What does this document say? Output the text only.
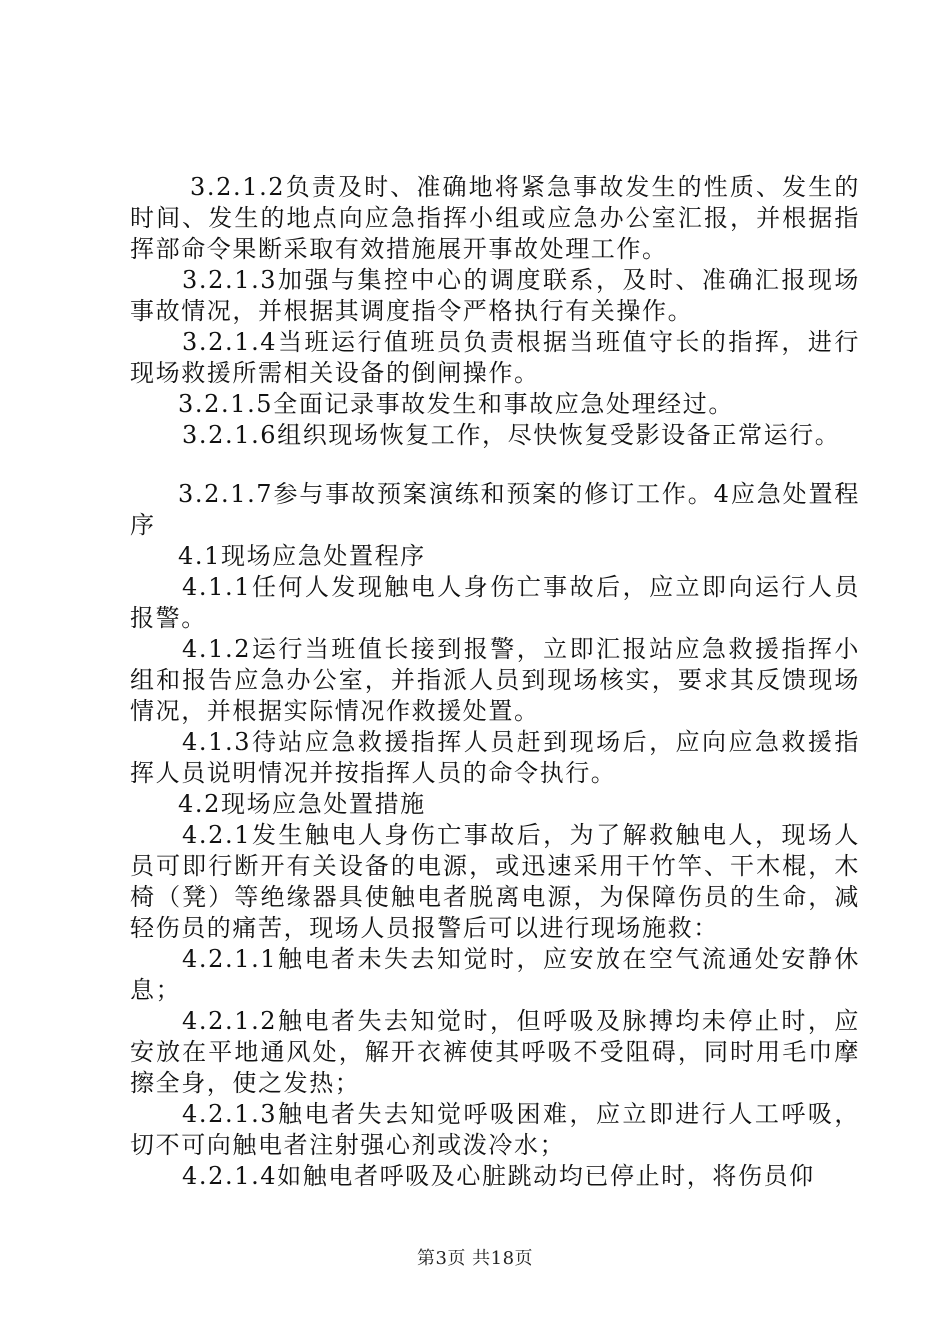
3.2.1.2负责及时、准确地将紧急事故发生的性质、发生的时间、发生的地点向应急指挥小组或应急办公室汇报，并根据指挥部命令果断采取有效措施展开事故处理工作。

3.2.1.3加强与集控中心的调度联系，及时、准确汇报现场事故情况，并根据其调度指令严格执行有关操作。

3.2.1.4当班运行值班员负责根据当班值守长的指挥，进行现场救援所需相关设备的倒闸操作。

3.2.1.5全面记录事故发生和事故应急处理经过。

3.2.1.6组织现场恢复工作，尽快恢复受影设备正常运行。

3.2.1.7参与事故预案演练和预案的修订工作。4应急处置程序

4.1现场应急处置程序

4.1.1任何人发现触电人身伤亡事故后，应立即向运行人员报警。

4.1.2运行当班值长接到报警，立即汇报站应急救援指挥小组和报告应急办公室，并指派人员到现场核实，要求其反馈现场情况，并根据实际情况作救援处置。

4.1.3待站应急救援指挥人员赶到现场后，应向应急救援指挥人员说明情况并按指挥人员的命令执行。

4.2现场应急处置措施

4.2.1发生触电人身伤亡事故后，为了解救触电人，现场人员可即行断开有关设备的电源，或迅速采用干竹竿、干木棍，木椅（凳）等绝缘器具使触电者脱离电源，为保障伤员的生命，减轻伤员的痛苦，现场人员报警后可以进行现场施救：

4.2.1.1触电者未失去知觉时，应安放在空气流通处安静休息；

4.2.1.2触电者失去知觉时，但呼吸及脉搏均未停止时，应安放在平地通风处，解开衣裤使其呼吸不受阻碍，同时用毛巾摩擦全身，使之发热；

4.2.1.3触电者失去知觉呼吸困难，应立即进行人工呼吸，切不可向触电者注射强心剂或泼冷水；

4.2.1.4如触电者呼吸及心脏跳动均已停止时，将伤员仰

第3页 共18页
